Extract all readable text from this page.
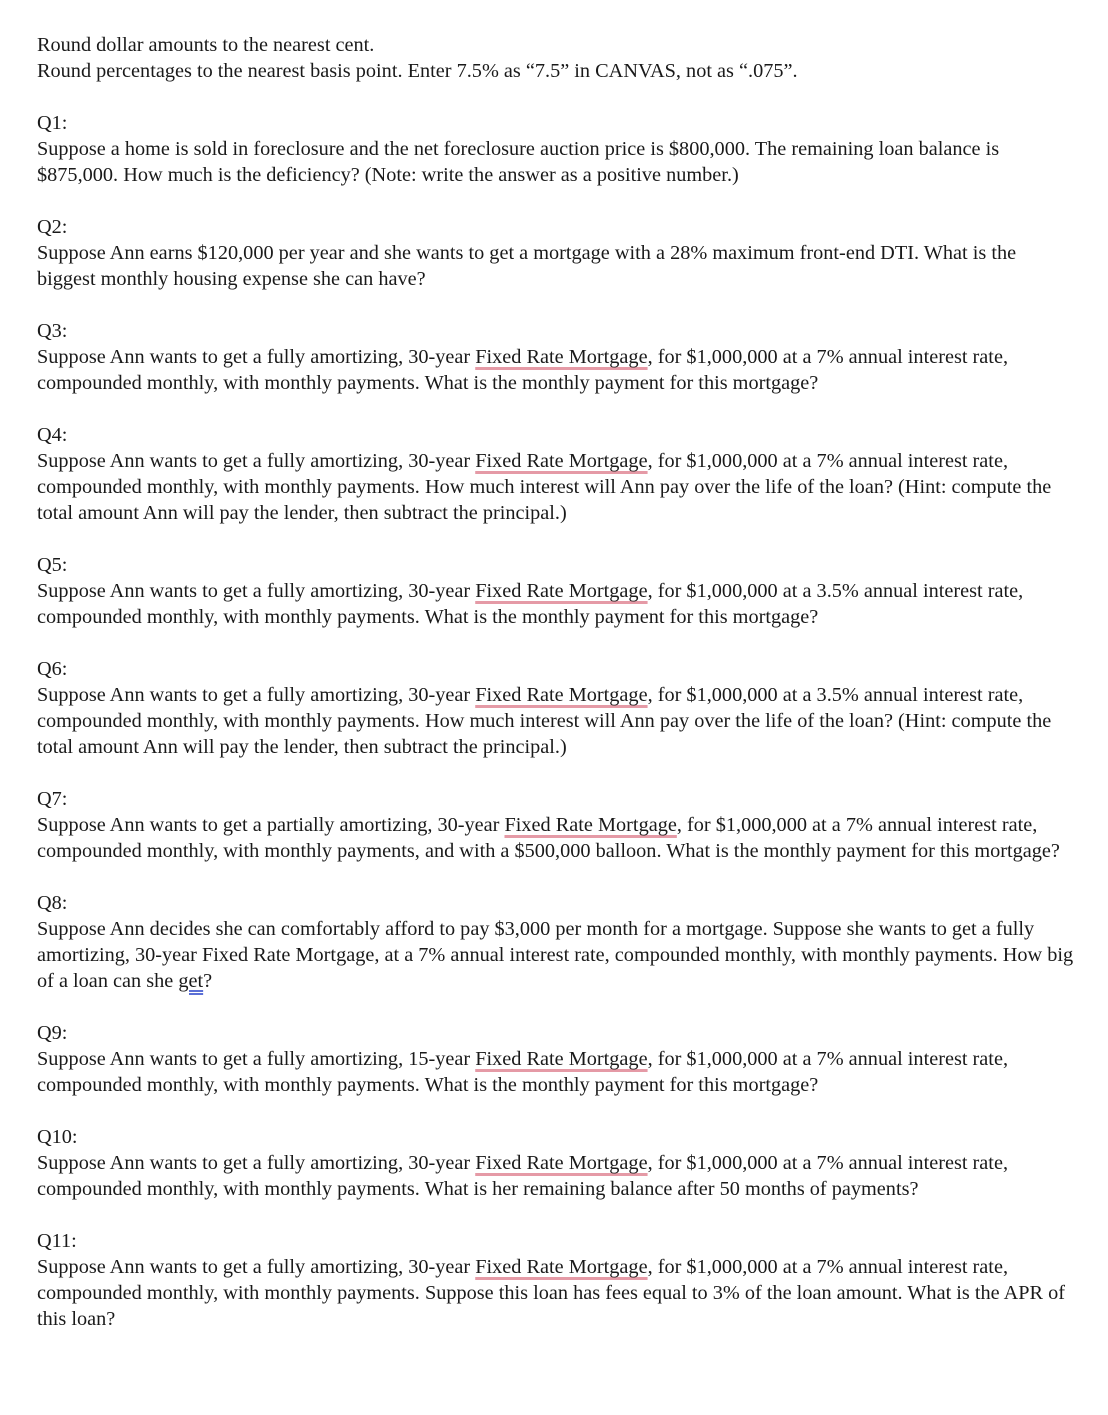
Round dollar amounts to the nearest cent.

Round percentages to the nearest basis point. Enter 7.5% as “7.5” in CANVAS, not as “.075”.

Q1:

Suppose a home is sold in foreclosure and the net foreclosure auction price is $800,000. The remaining loan balance is $875,000. How much is the deficiency? (Note: write the answer as a positive number.)

Q2:

Suppose Ann earns $120,000 per year and she wants to get a mortgage with a 28% maximum front-end DTI. What is the biggest monthly housing expense she can have?

Q3:

Suppose Ann wants to get a fully amortizing, 30-year Fixed Rate Mortgage, for $1,000,000 at a 7% annual interest rate, compounded monthly, with monthly payments. What is the monthly payment for this mortgage?

Q4:

Suppose Ann wants to get a fully amortizing, 30-year Fixed Rate Mortgage, for $1,000,000 at a 7% annual interest rate, compounded monthly, with monthly payments. How much interest will Ann pay over the life of the loan? (Hint: compute the total amount Ann will pay the lender, then subtract the principal.)

Q5:

Suppose Ann wants to get a fully amortizing, 30-year Fixed Rate Mortgage, for $1,000,000 at a 3.5% annual interest rate, compounded monthly, with monthly payments. What is the monthly payment for this mortgage?

Q6:

Suppose Ann wants to get a fully amortizing, 30-year Fixed Rate Mortgage, for $1,000,000 at a 3.5% annual interest rate, compounded monthly, with monthly payments. How much interest will Ann pay over the life of the loan? (Hint: compute the total amount Ann will pay the lender, then subtract the principal.)

Q7:

Suppose Ann wants to get a partially amortizing, 30-year Fixed Rate Mortgage, for $1,000,000 at a 7% annual interest rate, compounded monthly, with monthly payments, and with a $500,000 balloon. What is the monthly payment for this mortgage?

Q8:

Suppose Ann decides she can comfortably afford to pay $3,000 per month for a mortgage. Suppose she wants to get a fully amortizing, 30-year Fixed Rate Mortgage, at a 7% annual interest rate, compounded monthly, with monthly payments. How big of a loan can she get?

Q9:

Suppose Ann wants to get a fully amortizing, 15-year Fixed Rate Mortgage, for $1,000,000 at a 7% annual interest rate, compounded monthly, with monthly payments. What is the monthly payment for this mortgage?

Q10:

Suppose Ann wants to get a fully amortizing, 30-year Fixed Rate Mortgage, for $1,000,000 at a 7% annual interest rate, compounded monthly, with monthly payments. What is her remaining balance after 50 months of payments?

Q11:

Suppose Ann wants to get a fully amortizing, 30-year Fixed Rate Mortgage, for $1,000,000 at a 7% annual interest rate, compounded monthly, with monthly payments. Suppose this loan has fees equal to 3% of the loan amount. What is the APR of this loan?
